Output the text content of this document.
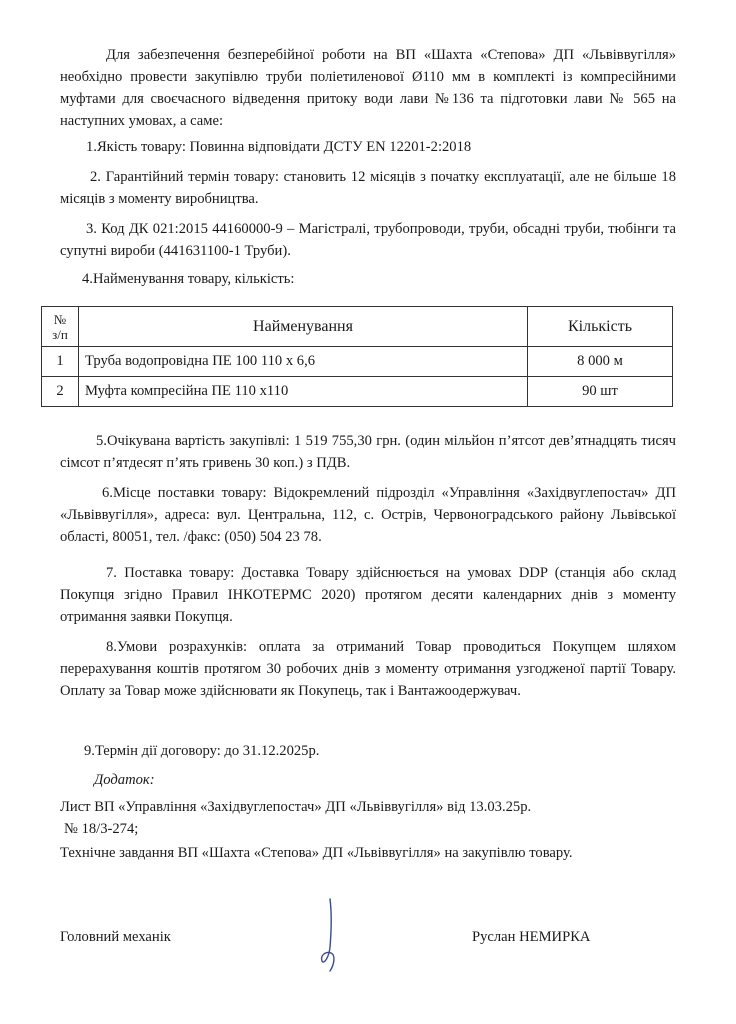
Для забезпечення безперебійної роботи на ВП «Шахта «Степова» ДП «Львіввугілля» необхідно провести закупівлю труби поліетиленової Ø110 мм в комплекті із компресійними муфтами для своєчасного відведення притоку води лави №136 та підготовки лави № 565 на наступних умовах, а саме:

1.Якість товару: Повинна відповідати ДСТУ EN 12201-2:2018

2. Гарантійний термін товару: становить 12 місяців з початку експлуатації, але не більше 18 місяців з моменту виробництва.

3. Код ДК 021:2015 44160000-9 – Магістралі, трубопроводи, труби, обсадні труби, тюбінги та супутні вироби (441631100-1 Труби).

4.Найменування товару, кількість:

№
з/п	Найменування	Кількість
1	Труба водопровідна ПЕ 100 110 х 6,6	8 000 м
2	Муфта компресійна ПЕ 110 х110	90 шт

5.Очікувана вартість закупівлі: 1 519 755,30 грн. (один мільйон п’ятсот дев’ятнадцять тисяч сімсот п’ятдесят п’ять гривень 30 коп.) з ПДВ.

6.Місце поставки товару: Відокремлений підрозділ «Управління «Західвуглепостач» ДП «Львіввугілля», адреса: вул. Центральна, 112, с. Острів, Червоноградського району Львівської області, 80051, тел. /факс: (050) 504 23 78.

7. Поставка товару: Доставка Товару здійснюється на умовах DDP (станція або склад Покупця згідно Правил ІНКОТЕРМС 2020) протягом десяти календарних днів з моменту отримання заявки Покупця.

8.Умови розрахунків: оплата за отриманий Товар проводиться Покупцем шляхом перерахування коштів протягом 30 робочих днів з моменту отримання узгодженої партії Товару. Оплату за Товар може здійснювати як Покупець, так і Вантажоодержувач.

9.Термін дії договору: до 31.12.2025р.

Додаток:

Лист ВП «Управління «Західвуглепостач» ДП «Львіввугілля» від 13.03.25р.

№ 18/3-274;

Технічне завдання ВП «Шахта «Степова» ДП «Львіввугілля» на закупівлю товару.

Головний механік	Руслан НЕМИРКА
